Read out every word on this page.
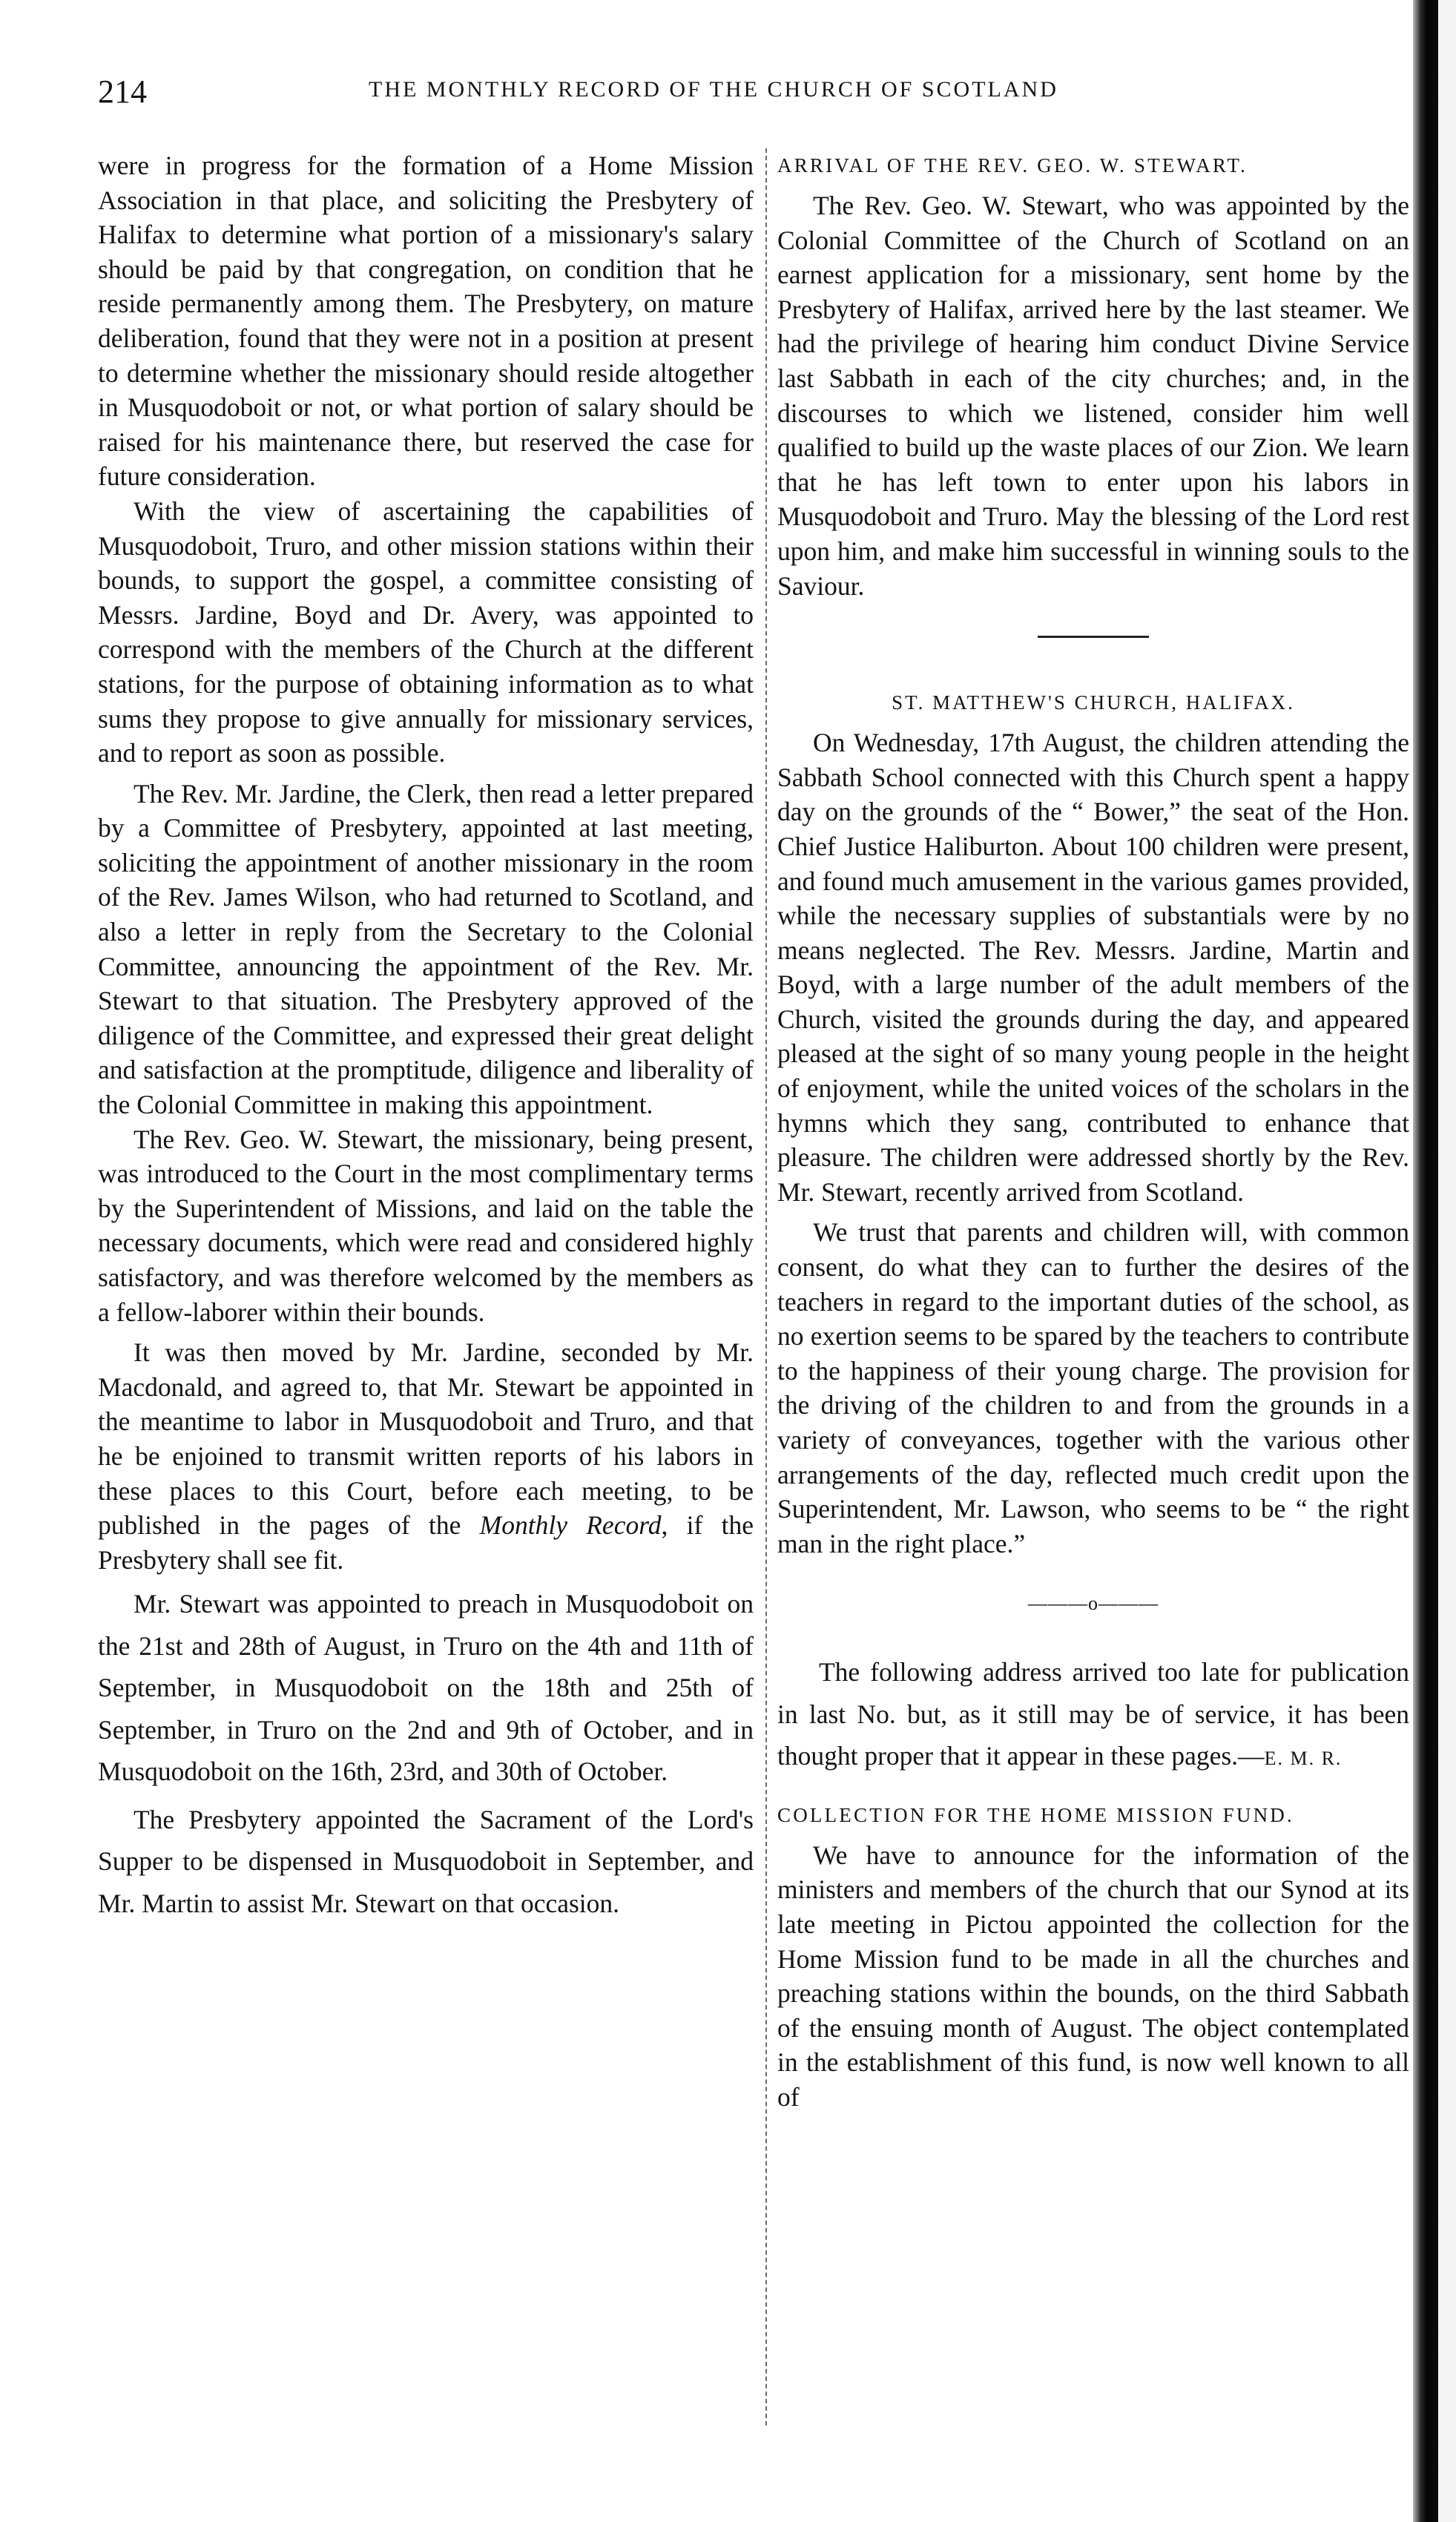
214	THE MONTHLY RECORD OF THE CHURCH OF SCOTLAND

were in progress for the formation of a Home Mission Association in that place, and soliciting the Presbytery of Halifax to determine what portion of a missionary's salary should be paid by that congregation, on condition that he reside permanently among them. The Presbytery, on mature deliberation, found that they were not in a position at present to determine whether the missionary should reside altogether in Musquodoboit or not, or what portion of salary should be raised for his maintenance there, but reserved the case for future consideration.

With the view of ascertaining the capabilities of Musquodoboit, Truro, and other mission stations within their bounds, to support the gospel, a committee consisting of Messrs. Jardine, Boyd and Dr. Avery, was appointed to correspond with the members of the Church at the different stations, for the purpose of obtaining information as to what sums they propose to give annually for missionary services, and to report as soon as possible.

The Rev. Mr. Jardine, the Clerk, then read a letter prepared by a Committee of Presbytery, appointed at last meeting, soliciting the appointment of another missionary in the room of the Rev. James Wilson, who had returned to Scotland, and also a letter in reply from the Secretary to the Colonial Committee, announcing the appointment of the Rev. Mr. Stewart to that situation. The Presbytery approved of the diligence of the Committee, and expressed their great delight and satisfaction at the promptitude, diligence and liberality of the Colonial Committee in making this appointment.

The Rev. Geo. W. Stewart, the missionary, being present, was introduced to the Court in the most complimentary terms by the Superintendent of Missions, and laid on the table the necessary documents, which were read and considered highly satisfactory, and was therefore welcomed by the members as a fellow-laborer within their bounds.

It was then moved by Mr. Jardine, seconded by Mr. Macdonald, and agreed to, that Mr. Stewart be appointed in the meantime to labor in Musquodoboit and Truro, and that he be enjoined to transmit written reports of his labors in these places to this Court, before each meeting, to be published in the pages of the Monthly Record, if the Presbytery shall see fit.

Mr. Stewart was appointed to preach in Musquodoboit on the 21st and 28th of August, in Truro on the 4th and 11th of September, in Musquodoboit on the 18th and 25th of September, in Truro on the 2nd and 9th of October, and in Musquodoboit on the 16th, 23rd, and 30th of October.

The Presbytery appointed the Sacrament of the Lord's Supper to be dispensed in Musquodoboit in September, and Mr. Martin to assist Mr. Stewart on that occasion.

ARRIVAL OF THE REV. GEO. W. STEWART.

The Rev. Geo. W. Stewart, who was appointed by the Colonial Committee of the Church of Scotland on an earnest application for a missionary, sent home by the Presbytery of Halifax, arrived here by the last steamer. We had the privilege of hearing him conduct Divine Service last Sabbath in each of the city churches; and, in the discourses to which we listened, consider him well qualified to build up the waste places of our Zion. We learn that he has left town to enter upon his labors in Musquodoboit and Truro. May the blessing of the Lord rest upon him, and make him successful in winning souls to the Saviour.

ST. MATTHEW'S CHURCH, HALIFAX.

On Wednesday, 17th August, the children attending the Sabbath School connected with this Church spent a happy day on the grounds of the “ Bower,” the seat of the Hon. Chief Justice Haliburton. About 100 children were present, and found much amusement in the various games provided, while the necessary supplies of substantials were by no means neglected. The Rev. Messrs. Jardine, Martin and Boyd, with a large number of the adult members of the Church, visited the grounds during the day, and appeared pleased at the sight of so many young people in the height of enjoyment, while the united voices of the scholars in the hymns which they sang, contributed to enhance that pleasure. The children were addressed shortly by the Rev. Mr. Stewart, recently arrived from Scotland.

We trust that parents and children will, with common consent, do what they can to further the desires of the teachers in regard to the important duties of the school, as no exertion seems to be spared by the teachers to contribute to the happiness of their young charge. The provision for the driving of the children to and from the grounds in a variety of conveyances, together with the various other arrangements of the day, reflected much credit upon the Superintendent, Mr. Lawson, who seems to be “ the right man in the right place.”

———o———

The following address arrived too late for publication in last No. but, as it still may be of service, it has been thought proper that it appear in these pages.—E. M. R.

COLLECTION FOR THE HOME MISSION FUND.

We have to announce for the information of the ministers and members of the church that our Synod at its late meeting in Pictou appointed the collection for the Home Mission fund to be made in all the churches and preaching stations within the bounds, on the third Sabbath of the ensuing month of August. The object contemplated in the establishment of this fund, is now well known to all of
